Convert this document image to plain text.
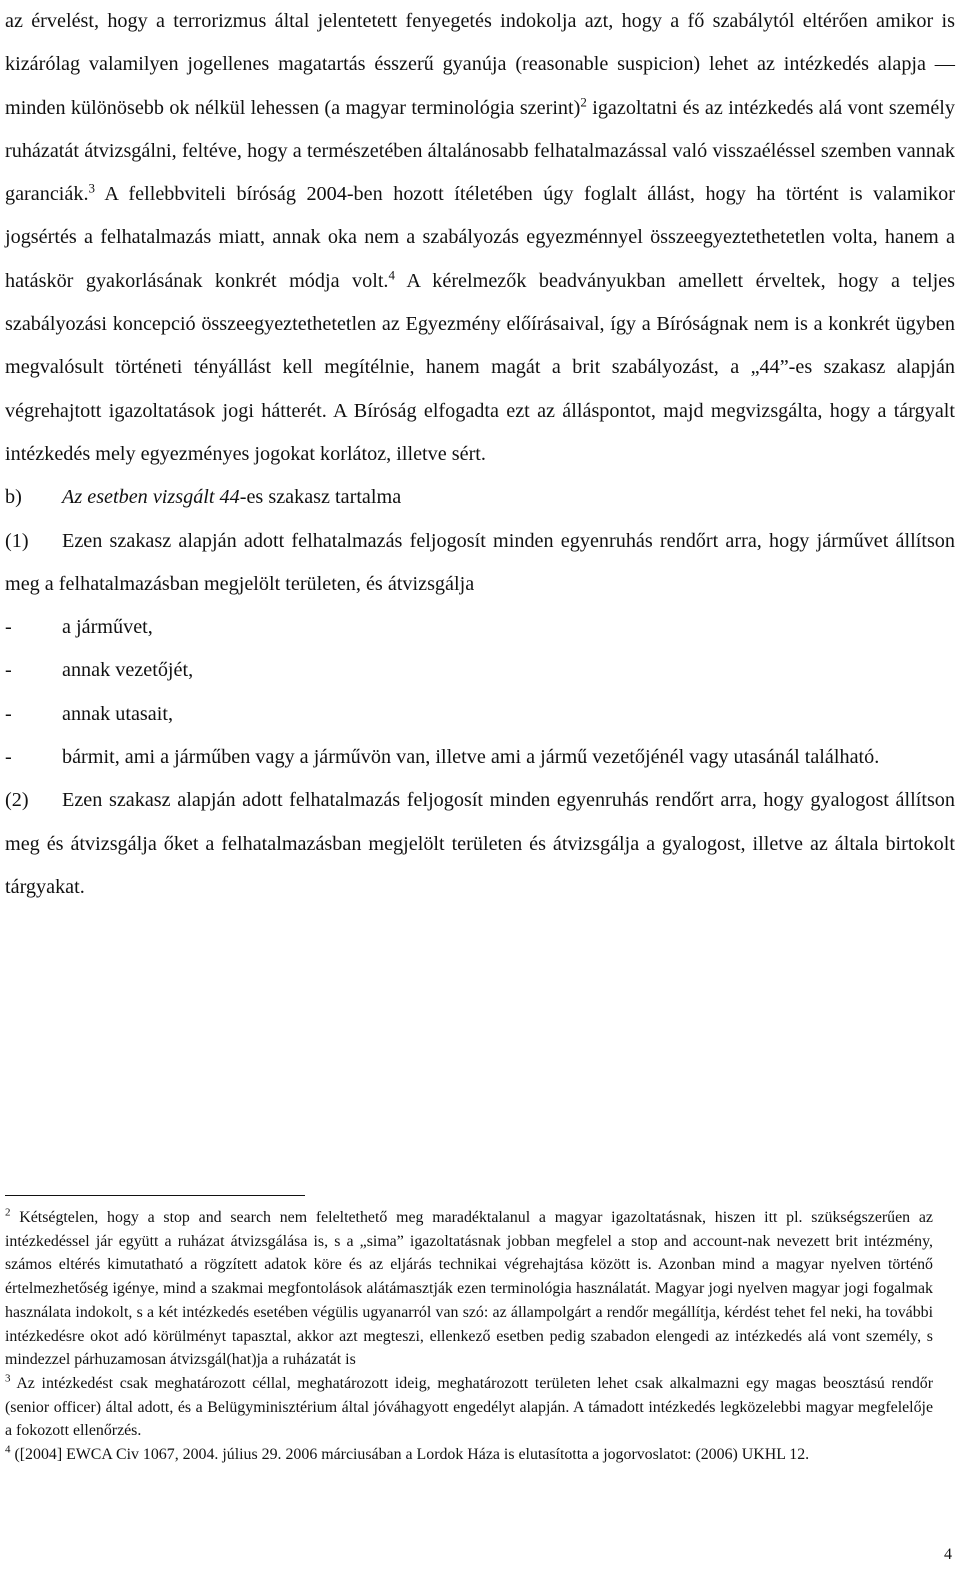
az érvelést, hogy a terrorizmus által jelentetett fenyegetés indokolja azt, hogy a fő szabálytól eltérően amikor is kizárólag valamilyen jogellenes magatartás ésszerű gyanúja (reasonable suspicion) lehet az intézkedés alapja ― minden különösebb ok nélkül lehessen (a magyar terminológia szerint)$^2$ igazoltatni és az intézkedés alá vont személy ruházatát átvizsgálni, feltéve, hogy a természetében általánosabb felhatalmazással való visszaéléssel szemben vannak garanciák.$^3$ A fellebbviteli bíróság 2004-ben hozott ítéletében úgy foglalt állást, hogy ha történt is valamikor jogsértés a felhatalmazás miatt, annak oka nem a szabályozás egyezménnyel összeegyeztethetetlen volta, hanem a hatáskör gyakorlásának konkrét módja volt.$^4$ A kérelmezők beadványukban amellett érveltek, hogy a teljes szabályozási koncepció összeegyeztethetetlen az Egyezmény előírásaival, így a Bíróságnak nem is a konkrét ügyben megvalósult történeti tényállást kell megítélnie, hanem magát a brit szabályozást, a „44”-es szakasz alapján végrehajtott igazoltatások jogi hátterét. A Bíróság elfogadta ezt az álláspontot, majd megvizsgálta, hogy a tárgyalt intézkedés mely egyezményes jogokat korlátoz, illetve sért.

b) Az esetben vizsgált 44-es szakasz tartalma

(1) Ezen szakasz alapján adott felhatalmazás feljogosít minden egyenruhás rendőrt arra, hogy járművet állítson meg a felhatalmazásban megjelölt területen, és átvizsgálja

- a járművet,

- annak vezetőjét,

- annak utasait,

- bármit, ami a járműben vagy a járművön van, illetve ami a jármű vezetőjénél vagy utasánál található.

(2) Ezen szakasz alapján adott felhatalmazás feljogosít minden egyenruhás rendőrt arra, hogy gyalogost állítson meg és átvizsgálja őket a felhatalmazásban megjelölt területen és átvizsgálja a gyalogost, illetve az általa birtokolt tárgyakat.

$^2$ Kétségtelen, hogy a stop and search nem feleltethető meg maradéktalanul a magyar igazoltatásnak, hiszen itt pl. szükségszerűen az intézkedéssel jár együtt a ruházat átvizsgálása is, s a „sima” igazoltatásnak jobban megfelel a stop and account-nak nevezett brit intézmény, számos eltérés kimutatható a rögzített adatok köre és az eljárás technikai végrehajtása között is. Azonban mind a magyar nyelven történő értelmezhetőség igénye, mind a szakmai megfontolások alátámasztják ezen terminológia használatát. Magyar jogi nyelven magyar jogi fogalmak használata indokolt, s a két intézkedés esetében végülis ugyanarról van szó: az állampolgárt a rendőr megállítja, kérdést tehet fel neki, ha további intézkedésre okot adó körülményt tapasztal, akkor azt megteszi, ellenkező esetben pedig szabadon elengedi az intézkedés alá vont személy, s mindezzel párhuzamosan átvizsgál(hat)ja a ruházatát is

$^3$ Az intézkedést csak meghatározott céllal, meghatározott ideig, meghatározott területen lehet csak alkalmazni egy magas beosztású rendőr (senior officer) által adott, és a Belügyminisztérium által jóváhagyott engedélyt alapján. A támadott intézkedés legközelebbi magyar megfelelője a fokozott ellenőrzés.

$^4$ ([2004] EWCA Civ 1067, 2004. július 29. 2006 márciusában a Lordok Háza is elutasította a jogorvoslatot: (2006) UKHL 12.

4
